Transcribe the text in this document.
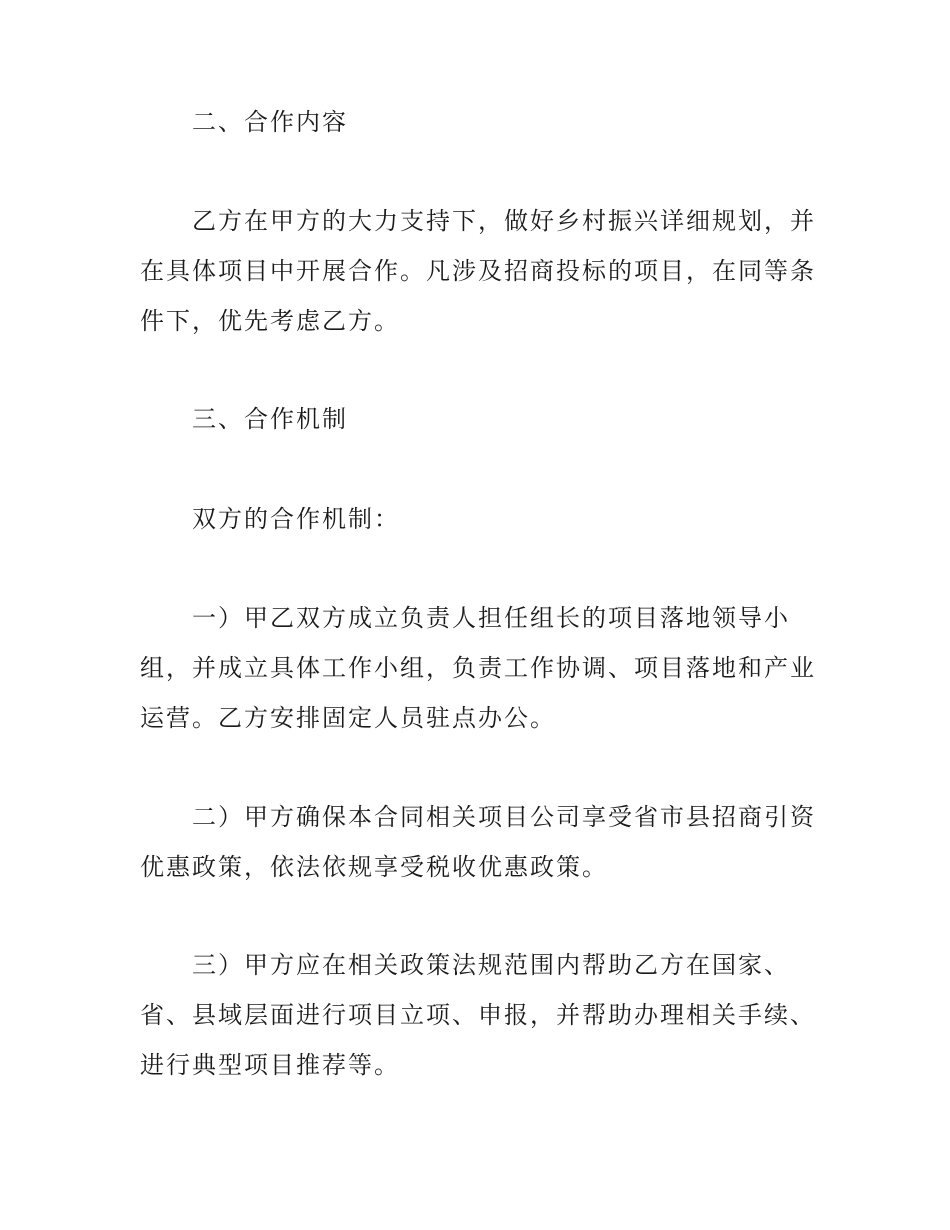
二、合作内容

乙方在甲方的大力支持下，做好乡村振兴详细规划，并在具体项目中开展合作。凡涉及招商投标的项目，在同等条件下，优先考虑乙方。

三、合作机制

双方的合作机制：

一）甲乙双方成立负责人担任组长的项目落地领导小组，并成立具体工作小组，负责工作协调、项目落地和产业运营。乙方安排固定人员驻点办公。

二）甲方确保本合同相关项目公司享受省市县招商引资优惠政策，依法依规享受税收优惠政策。

三）甲方应在相关政策法规范围内帮助乙方在国家、省、县域层面进行项目立项、申报，并帮助办理相关手续、进行典型项目推荐等。
